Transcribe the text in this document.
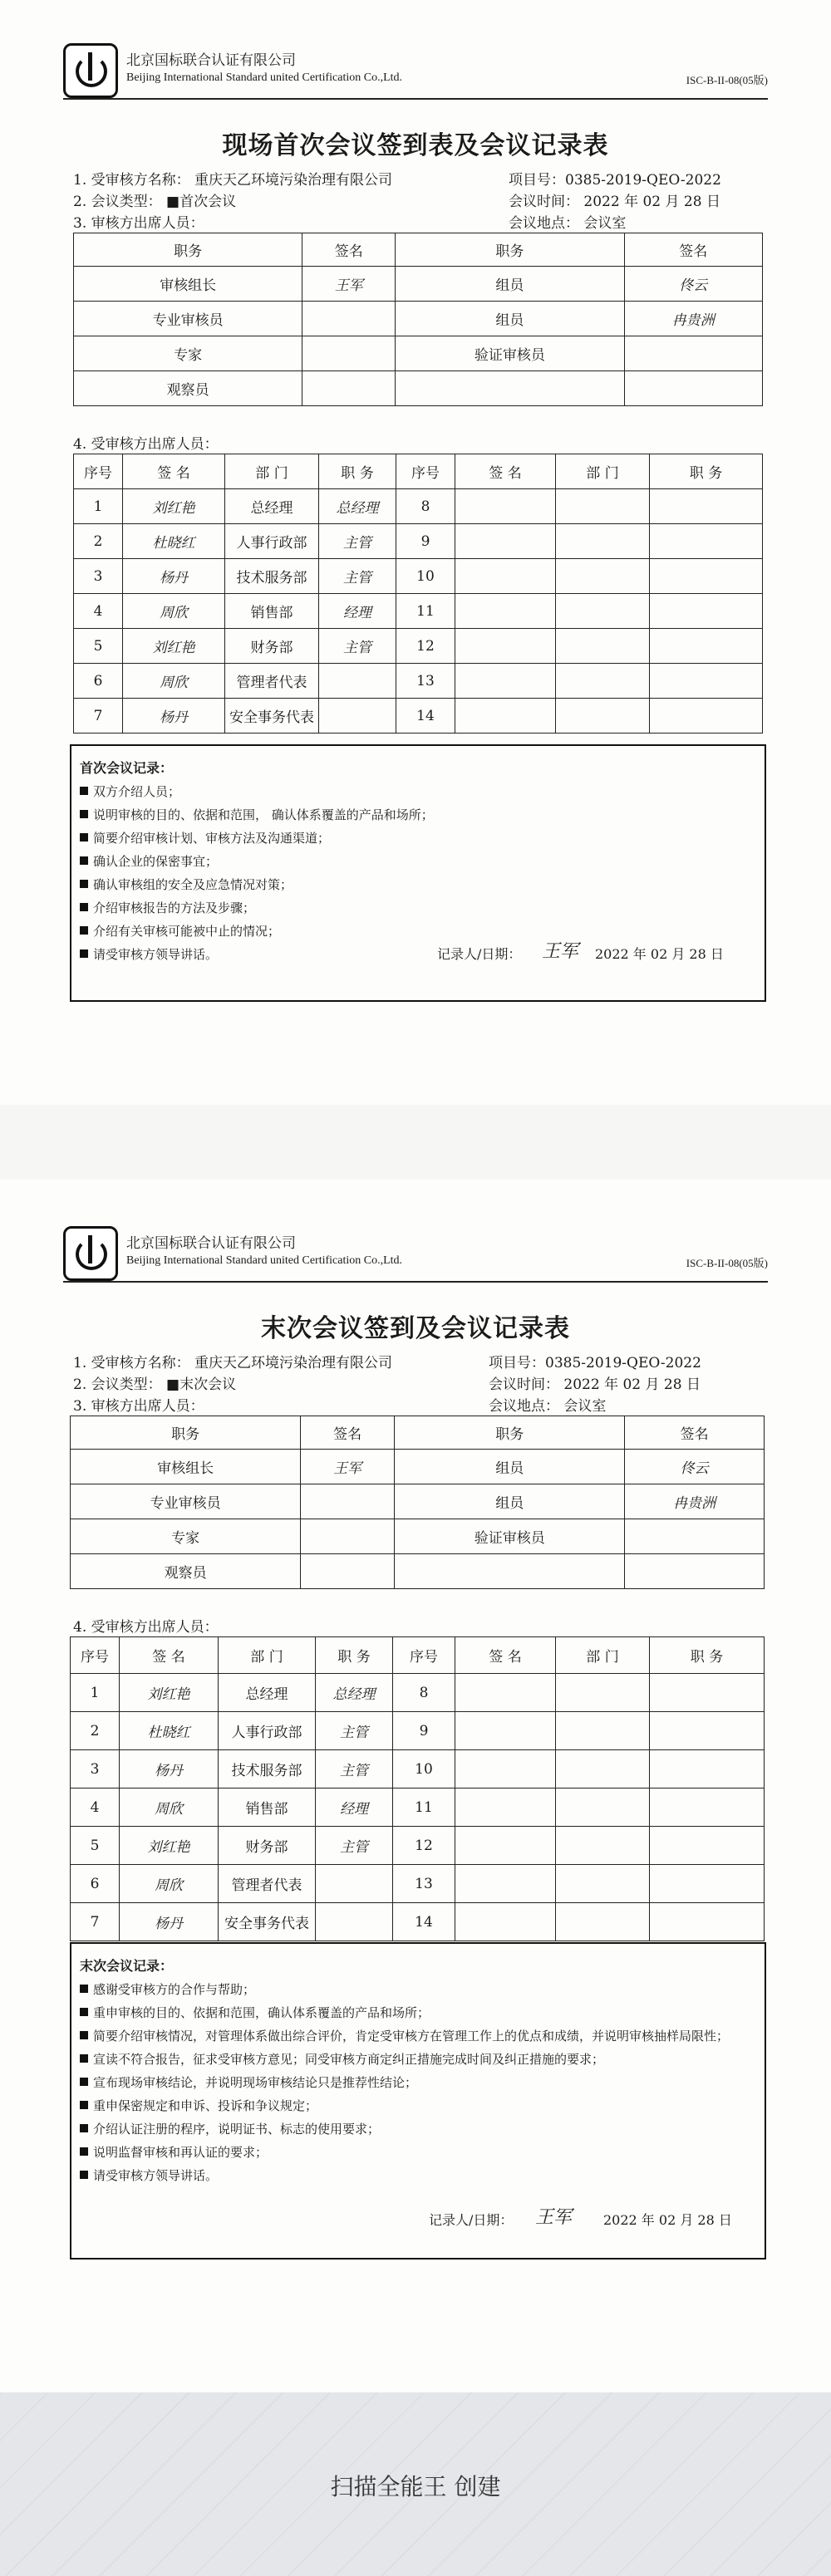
北京国标联合认证有限公司
Beijing International Standard united Certification Co.,Ltd.	ISC-B-II-08(05版)
现场首次会议签到表及会议记录表
1. 受审核方名称： 重庆天乙环境污染治理有限公司	项目号：0385-2019-QEO-2022
2. 会议类型： ■首次会议	会议时间： 2022 年 02 月 28 日
3. 审核方出席人员：	会议地点： 会议室
职务	签名	职务	签名
审核组长	王军	组员	佟云
专业审核员		组员	冉贵洲
专家		验证审核员	
观察员			
4. 受审核方出席人员：
序号	签 名	部 门	职 务	序号	签 名	部 门	职 务
1	刘红艳	总经理	总经理	8			
2	杜晓红	人事行政部	主管	9			
3	杨丹	技术服务部	主管	10			
4	周欣	销售部	经理	11			
5	刘红艳	财务部	主管	12			
6	周欣	管理者代表		13			
7	杨丹	安全事务代表		14			
首次会议记录：
双方介绍人员；
说明审核的目的、依据和范围， 确认体系覆盖的产品和场所；
简要介绍审核计划、审核方法及沟通渠道；
确认企业的保密事宜；
确认审核组的安全及应急情况对策；
介绍审核报告的方法及步骤；
介绍有关审核可能被中止的情况；
请受审核方领导讲话。	记录人/日期： 王军 2022 年 02 月 28 日
北京国标联合认证有限公司
Beijing International Standard united Certification Co.,Ltd.	ISC-B-II-08(05版)
末次会议签到及会议记录表
1. 受审核方名称： 重庆天乙环境污染治理有限公司	项目号：0385-2019-QEO-2022
2. 会议类型： ■末次会议	会议时间： 2022 年 02 月 28 日
3. 审核方出席人员：	会议地点： 会议室
职务	签名	职务	签名
审核组长	王军	组员	佟云
专业审核员		组员	冉贵洲
专家		验证审核员	
观察员			
4. 受审核方出席人员：
序号	签 名	部 门	职 务	序号	签 名	部 门	职 务
1	刘红艳	总经理	总经理	8			
2	杜晓红	人事行政部	主管	9			
3	杨丹	技术服务部	主管	10			
4	周欣	销售部	经理	11			
5	刘红艳	财务部	主管	12			
6	周欣	管理者代表		13			
7	杨丹	安全事务代表		14			
末次会议记录：
感谢受审核方的合作与帮助；
重申审核的目的、依据和范围，确认体系覆盖的产品和场所；
简要介绍审核情况，对管理体系做出综合评价，肯定受审核方在管理工作上的优点和成绩，并说明审核抽样局限性；
宣读不符合报告，征求受审核方意见；同受审核方商定纠正措施完成时间及纠正措施的要求；
宣布现场审核结论，并说明现场审核结论只是推荐性结论；
重申保密规定和申诉、投诉和争议规定；
介绍认证注册的程序，说明证书、标志的使用要求；
说明监督审核和再认证的要求；
请受审核方领导讲话。
记录人/日期： 王军 2022 年 02 月 28 日
扫描全能王 创建
